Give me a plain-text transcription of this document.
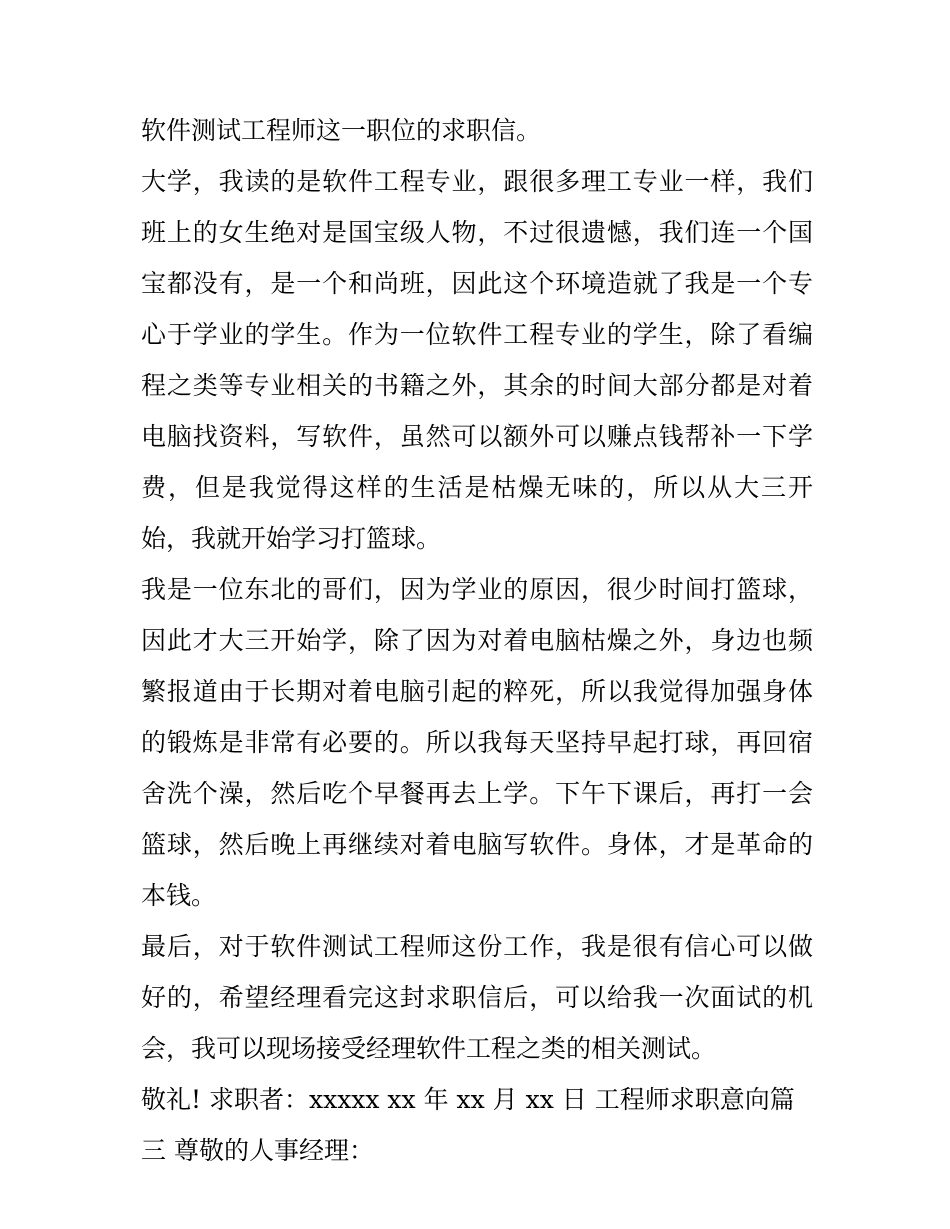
软件测试工程师这一职位的求职信。

大学，我读的是软件工程专业，跟很多理工专业一样，我们班上的女生绝对是国宝级人物，不过很遗憾，我们连一个国宝都没有，是一个和尚班，因此这个环境造就了我是一个专心于学业的学生。作为一位软件工程专业的学生，除了看编程之类等专业相关的书籍之外，其余的时间大部分都是对着电脑找资料，写软件，虽然可以额外可以赚点钱帮补一下学费，但是我觉得这样的生活是枯燥无味的，所以从大三开始，我就开始学习打篮球。

我是一位东北的哥们，因为学业的原因，很少时间打篮球，因此才大三开始学，除了因为对着电脑枯燥之外，身边也频繁报道由于长期对着电脑引起的粹死，所以我觉得加强身体的锻炼是非常有必要的。所以我每天坚持早起打球，再回宿舍洗个澡，然后吃个早餐再去上学。下午下课后，再打一会篮球，然后晚上再继续对着电脑写软件。身体，才是革命的本钱。

最后，对于软件测试工程师这份工作，我是很有信心可以做好的，希望经理看完这封求职信后，可以给我一次面试的机会，我可以现场接受经理软件工程之类的相关测试。

敬礼! 求职者：xxxxx xx 年 xx 月 xx 日 工程师求职意向篇三 尊敬的人事经理：
